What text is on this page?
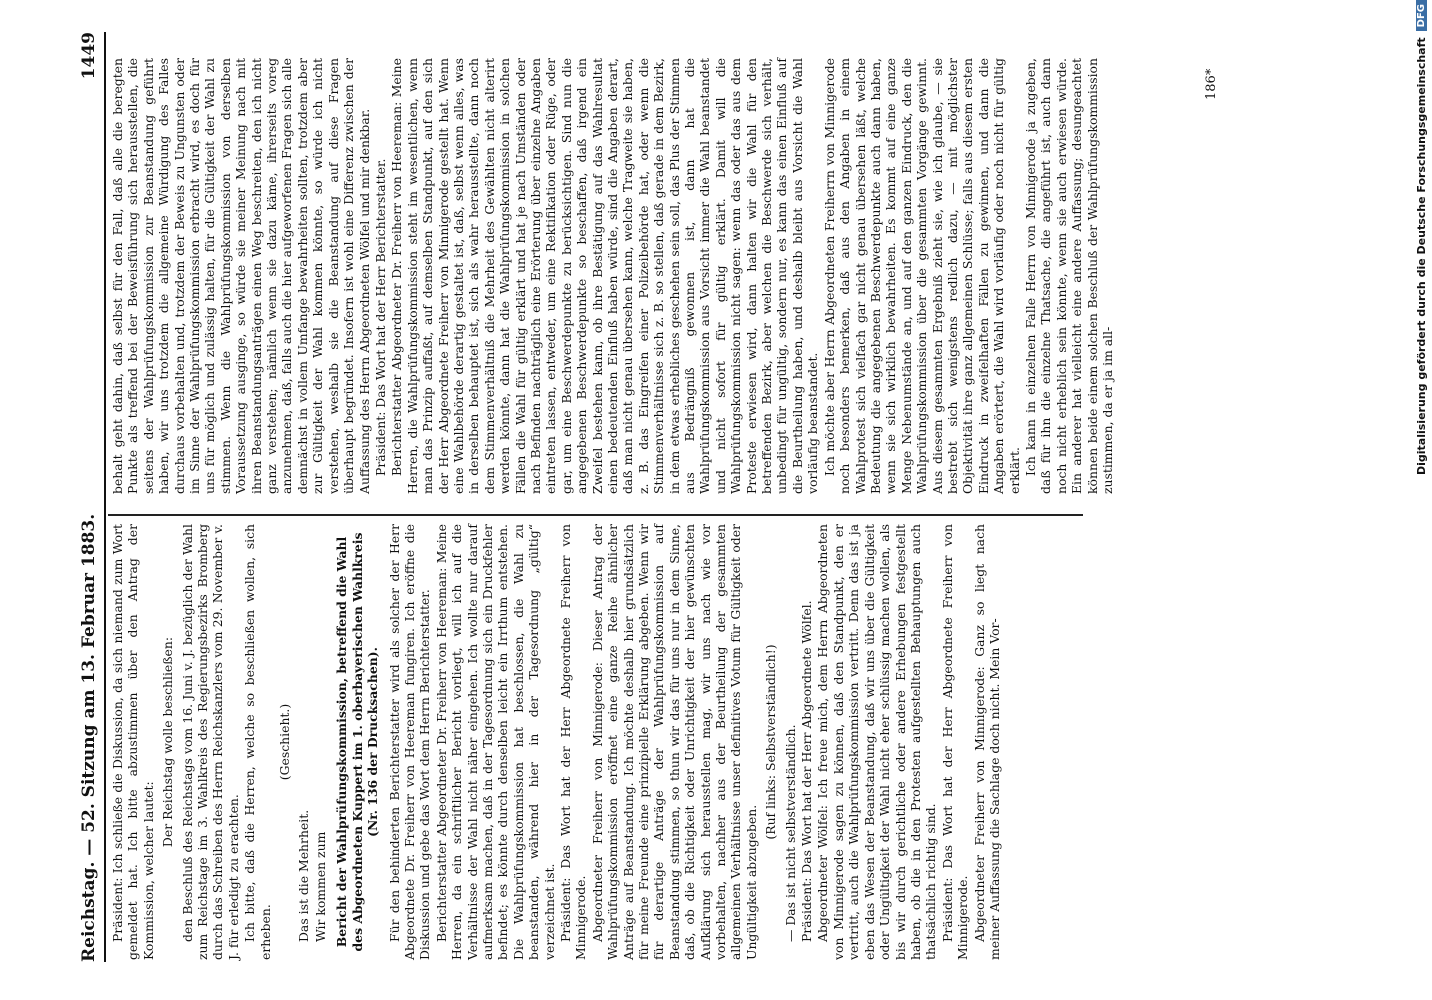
Reichstag. — 52. Sitzung am 13. Februar 1883.
1449

Präsident: Ich schließe die Diskussion, da sich niemand zum Wort gemeldet hat. Ich bitte abzustimmen über den Antrag der Kommission, welcher lautet:

Der Reichstag wolle beschließen: den Beschluß des Reichstags vom 16. Juni v. J. bezüglich der Wahl zum Reichstage im 3. Wahlkreis des Regierungsbezirks Bromberg durch das Schreiben des Herrn Reichskanzlers vom 29. November v. J. für erledigt zu erachten. Ich bitte, daß die Herren, welche so beschließen wollen, sich erheben.

(Geschieht.)

Das ist die Mehrheit. Wir kommen zum Bericht der Wahlprüfungskommission, betreffend die Wahl des Abgeordneten Kuppert im 1. oberbayerischen Wahlkreis (Nr. 136 der Drucksachen). Für den behinderten Berichterstatter wird als solcher der Herr Abgeordnete Dr. Freiherr von Heereman fungiren. Ich eröffne die Diskussion und gebe das Wort dem Herrn Berichterstatter. Berichterstatter Abgeordneter Dr. Freiherr von Heereman: Meine Herren, da ein schriftlicher Bericht vorliegt, will ich auf die Verhältnisse der Wahl nicht näher eingehen. Ich wollte nur darauf aufmerksam machen, daß in der Tagesordnung sich ein Druckfehler befindet; es könnte durch denselben leicht ein Irrthum entstehen. Die Wahlprüfungskommission hat beschlossen, die Wahl zu beanstanden, während hier in der Tagesordnung „gültig“ verzeichnet ist. Präsident: Das Wort hat der Herr Abgeordnete Freiherr von Minnigerode. Abgeordneter Freiherr von Minnigerode: Dieser Antrag der Wahlprüfungskommission eröffnet eine ganze Reihe ähnlicher Anträge auf Beanstandung. Ich möchte deshalb hier grundsätzlich für meine Freunde eine prinzipielle Erklärung abgeben. Wenn wir für derartige Anträge der Wahlprüfungskommission auf Beanstandung stimmen, so thun wir das für uns nur in dem Sinne, daß, ob die Richtigkeit oder Unrichtigkeit der hier gewünschten Aufklärung sich herausstellen mag, wir uns nach wie vor vorbehalten, nachher aus der Beurtheilung der gesammten allgemeinen Verhältnisse unser definitives Votum für Gültigkeit oder Ungültigkeit abzugeben.

(Ruf links: Selbstverständlich!) — Das ist nicht selbstverständlich. Präsident: Das Wort hat der Herr Abgeordnete Wölfel. Abgeordneter Wölfel: Ich freue mich, dem Herrn Abgeordneten von Minnigerode sagen zu können, daß den Standpunkt, den er vertritt, auch die Wahlprüfungskommission vertritt. Denn das ist ja eben das Wesen der Beanstandung, daß wir uns über die Gültigkeit oder Ungültigkeit der Wahl nicht eher schlüssig machen wollen, als bis wir durch gerichtliche oder andere Erhebungen festgestellt haben, ob die in den Protesten aufgestellten Behauptungen auch thatsächlich richtig sind. Präsident: Das Wort hat der Herr Abgeordnete Freiherr von Minnigerode. Abgeordneter Freiherr von Minnigerode: Ganz so liegt nach meiner Auffassung die Sachlage doch nicht. Mein Vor-

behalt geht dahin, daß selbst für den Fall, daß alle die beregten Punkte als treffend bei der Beweisführung sich herausstellen, die seitens der Wahlprüfungskommission zur Beanstandung geführt haben, wir uns trotzdem die allgemeine Würdigung des Falles durchaus vorbehalten und, trotzdem der Beweis zu Ungunsten oder im Sinne der Wahlprüfungskommission erbracht wird, es doch für uns für möglich und zulässig halten, für die Gültigkeit der Wahl zu stimmen. Wenn die Wahlprüfungskommission von derselben Voraussetzung ausginge, so würde sie meiner Meinung nach mit ihren Beanstandungsanträgen einen Weg beschreiten, den ich nicht ganz verstehen; nämlich wenn sie dazu käme, ihrerseits voreg anzunehmen, daß, falls auch die hier aufgeworfenen Fragen sich alle demnächst in vollem Umfange bewahrheiten sollten, trotzdem aber zur Gültigkeit der Wahl kommen könnte, so würde ich nicht verstehen, weshalb sie die Beanstandung auf diese Fragen überhaupt begründet. Insofern ist wohl eine Differenz zwischen der Auffassung des Herrn Abgeordneten Wölfel und mir denkbar. Präsident: Das Wort hat der Herr Berichterstatter. Berichterstatter Abgeordneter Dr. Freiherr von Heereman: Meine Herren, die Wahlprüfungskommission steht im wesentlichen, wenn man das Prinzip auffaßt, auf demselben Standpunkt, auf den sich der Herr Abgeordnete Freiherr von Minnigerode gestellt hat. Wenn eine Wahlbehörde derartig gestaltet ist, daß, selbst wenn alles, was in derselben behauptet ist, sich als wahr herausstellte, dann noch dem Stimmenverhältniß die Mehrheit des Gewählten nicht alterirt werden könnte, dann hat die Wahlprüfungskommission in solchen Fällen die Wahl für gültig erklärt und hat je nach Umständen oder nach Befinden nachträglich eine Erörterung über einzelne Angaben eintreten lassen, entweder, um eine Rektifikation oder Rüge, oder gar, um eine Beschwerdepunkte zu berücksichtigen. Sind nun die angegebenen Beschwerdepunkte so beschaffen, daß irgend ein Zweifel bestehen kann, ob ihre Bestätigung auf das Wahlresultat einen bedeutenden Einfluß haben würde, sind die Angaben derart, daß man nicht genau übersehen kann, welche Tragweite sie haben, z. B. das Eingreifen einer Polizeibehörde hat, oder wenn die Stimmenverhältnisse sich z. B. so stellen, daß gerade in dem Bezirk, in dem etwas erhebliches geschehen sein soll, das Plus der Stimmen aus Bedrängniß gewonnen ist, dann hat die Wahlprüfungskommission aus Vorsicht immer die Wahl beanstandet und nicht sofort für gültig erklärt. Damit will die Wahlprüfungskommission nicht sagen: wenn das oder das aus dem Proteste erwiesen wird, dann halten wir die Wahl für den betreffenden Bezirk, aber welchen die Beschwerde sich verhält, unbedingt für ungültig, sondern nur, es kann das einen Einfluß auf die Beurtheilung haben, und deshalb bleibt aus Vorsicht die Wahl vorläufig beanstandet. Ich möchte aber Herrn Abgeordneten Freiherrn von Minnigerode noch besonders bemerken, daß aus den Angaben in einem Wahlprotest sich vielfach gar nicht genau übersehen läßt, welche Bedeutung die angegebenen Beschwerdepunkte auch dann haben, wenn sie sich wirklich bewahrheiten. Es kommt auf eine ganze Menge Nebenumstände an, und auf den ganzen Eindruck, den die Wahlprüfungskommission über die gesammten Vorgänge gewinnt. Aus diesem gesammten Ergebniß zieht sie, wie ich glaube, — sie bestrebt sich wenigstens redlich dazu, — mit möglichster Objektivität ihre ganz allgemeinen Schlüsse; falls aus diesem ersten Eindruck in zweifelhaften Fällen zu gewinnen, und dann die Angaben erörtert, die Wahl wird vorläufig oder noch nicht für gültig erklärt. Ich kann in einzelnen Falle Herrn von Minnigerode ja zugeben, daß für ihn die einzelne Thatsache, die angeführt ist, auch dann noch nicht erheblich sein könnte, wenn sie auch erwiesen würde. Ein anderer hat vielleicht eine andere Auffassung; desungeachtet können beide einem solchen Beschluß der Wahlprüfungskommission zustimmen, da er ja im all-

186*	Digitalisierung gefördert durch die Deutsche Forschungsgemeinschaft
DFG
